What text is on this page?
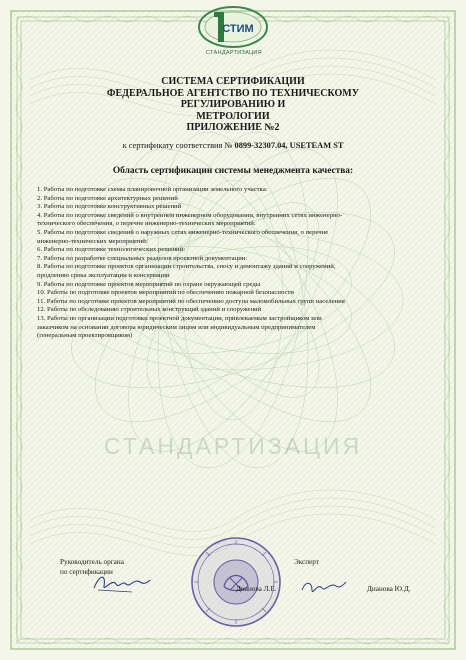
СТИМ
СТАНДАРТИЗАЦИЯ
СИСТЕМА СЕРТИФИКАЦИИ
ФЕДЕРАЛЬНОЕ АГЕНТСТВО ПО ТЕХНИЧЕСКОМУ РЕГУЛИРОВАНИЮ И
МЕТРОЛОГИИ
ПРИЛОЖЕНИЕ №2
к сертификату соответствия № 0899-32307.04, USETEAM ST
Область сертификации системы менеджмента качества:
1. Работы по подготовке схемы планировочной организации земельного участка:
2. Работы по подготовке архитектурных решений
3. Работы по подготовке конструктивных решений
4. Работы по подготовке сведений о внутреннем инженерном оборудовании, внутренних сетях инженерно-
технического обеспечения, о перечне инженерно-технических мероприятий:
5. Работы по подготовке сведений о наружных сетях инженерно-технического обеспечения, о перечне
инженерно-технических мероприятий:
6. Работы по подготовке технологических решений:
7. Работы по разработке специальных разделов проектной документации:
8. Работы по подготовке проектов организации строительства, сносу и демонтажу зданий и сооружений,
продлению срока эксплуатации и консервации
9. Работы по подготовке проектов мероприятий по охране окружающей среды
10. Работы по подготовке проектов мероприятий по обеспечению пожарной безопасности
11. Работы по подготовке проектов мероприятий по обеспечению доступа маломобильных групп населения
12. Работы по обследованию строительных конструкций зданий и сооружений
13. Работы по организации подготовки проектной документации, привлекаемым застройщиком или
заказчиком на основании договора юридическим лицом или индивидуальным предпринимателем
(генеральным проектировщиком)
СТАНДАРТИЗАЦИЯ
Руководитель органа
по сертификации
Эксперт
Дианова Л.Е.	Дианова Ю.Д.
